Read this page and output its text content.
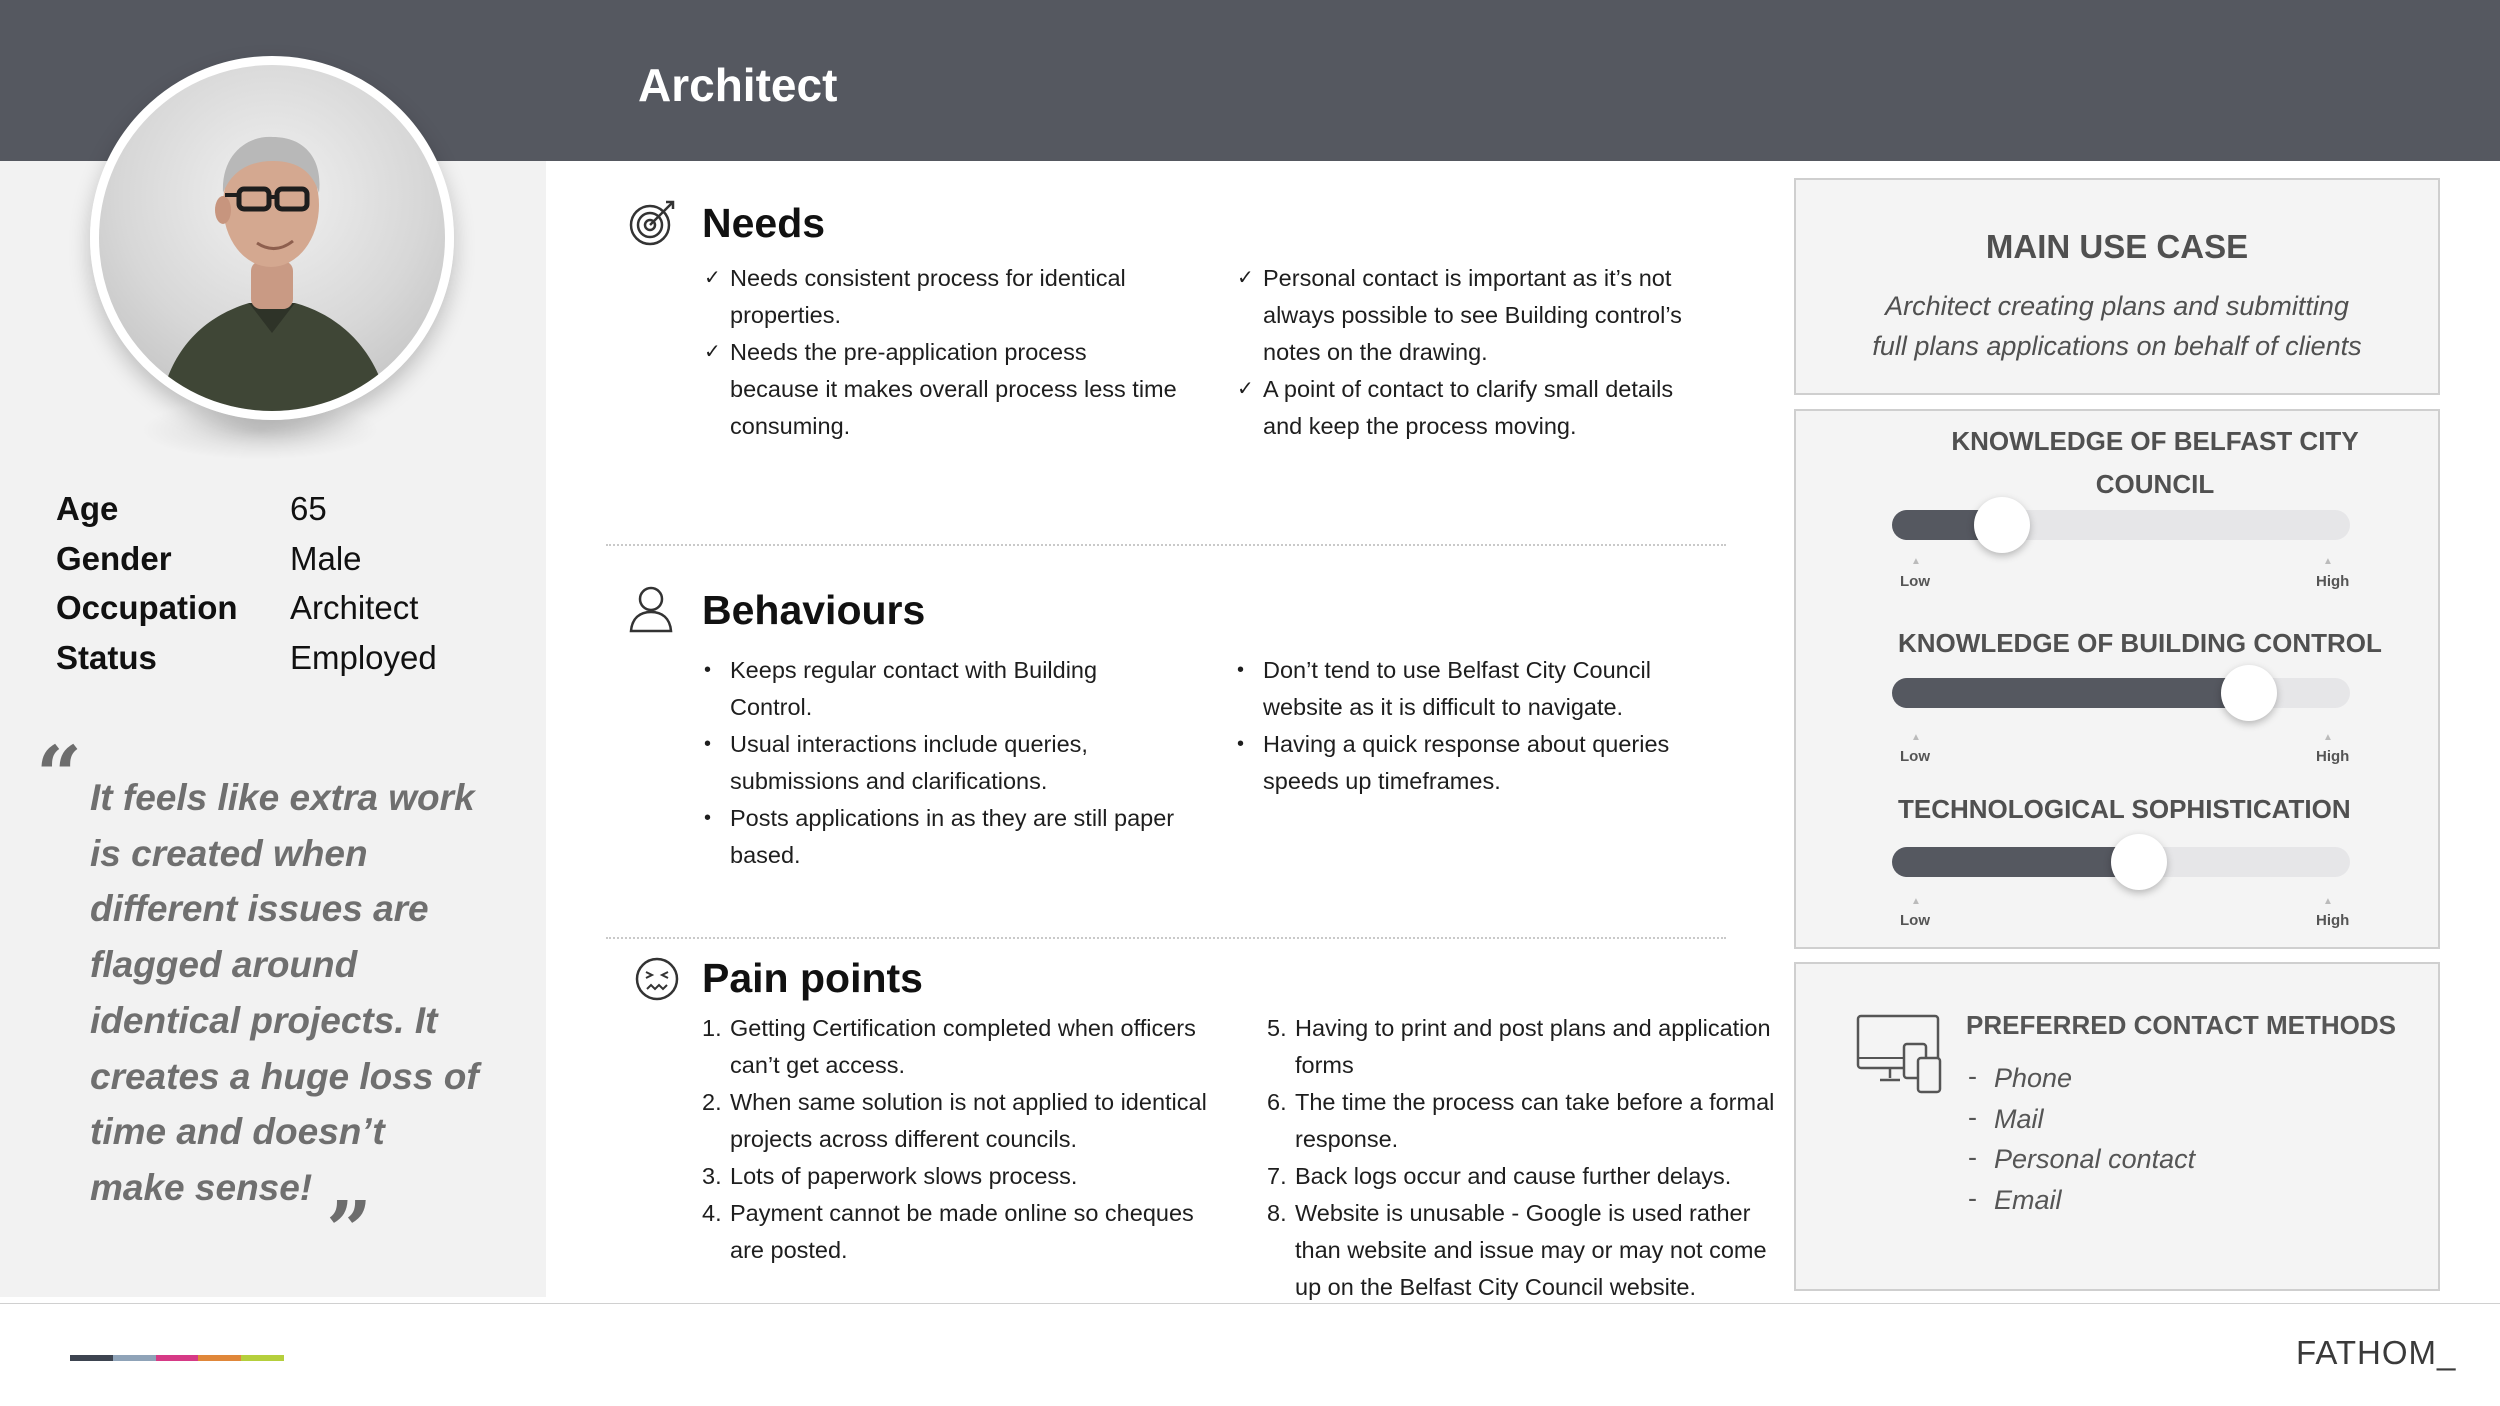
Architect
Age	65
Gender	Male
Occupation Architect
Status	Employed
“ It feels like extra work
is created when
different issues are
flagged around
identical projects. It
creates a huge loss of
time and doesn’t
make sense! ”
Needs
✓ Needs consistent process for identical
properties.
✓ Needs the pre-application process
because it makes overall process less time
consuming.
✓ Personal contact is important as it’s not
always possible to see Building control’s
notes on the drawing.
✓ A point of contact to clarify small details
and keep the process moving.
Behaviours
• Keeps regular contact with Building
Control.
• Usual interactions include queries,
submissions and clarifications.
• Posts applications in as they are still paper
based.
• Don’t tend to use Belfast City Council
website as it is difficult to navigate.
• Having a quick response about queries
speeds up timeframes.
Pain points
1. Getting Certification completed when officers
can’t get access.
2. When same solution is not applied to identical
projects across different councils.
3. Lots of paperwork slows process.
4. Payment cannot be made online so cheques
are posted.
5. Having to print and post plans and application
forms
6. The time the process can take before a formal
response.
7. Back logs occur and cause further delays.
8. Website is unusable - Google is used rather
than website and issue may or may not come
up on the Belfast City Council website.
MAIN USE CASE
Architect creating plans and submitting
full plans applications on behalf of clients
KNOWLEDGE OF BELFAST CITY COUNCIL
▲	▲
Low	High
KNOWLEDGE OF BUILDING CONTROL
▲	▲
Low	High
TECHNOLOGICAL SOPHISTICATION
▲	▲
Low	High
PREFERRED CONTACT METHODS
- Phone
- Mail
- Personal contact
- Email
FATHOM_
